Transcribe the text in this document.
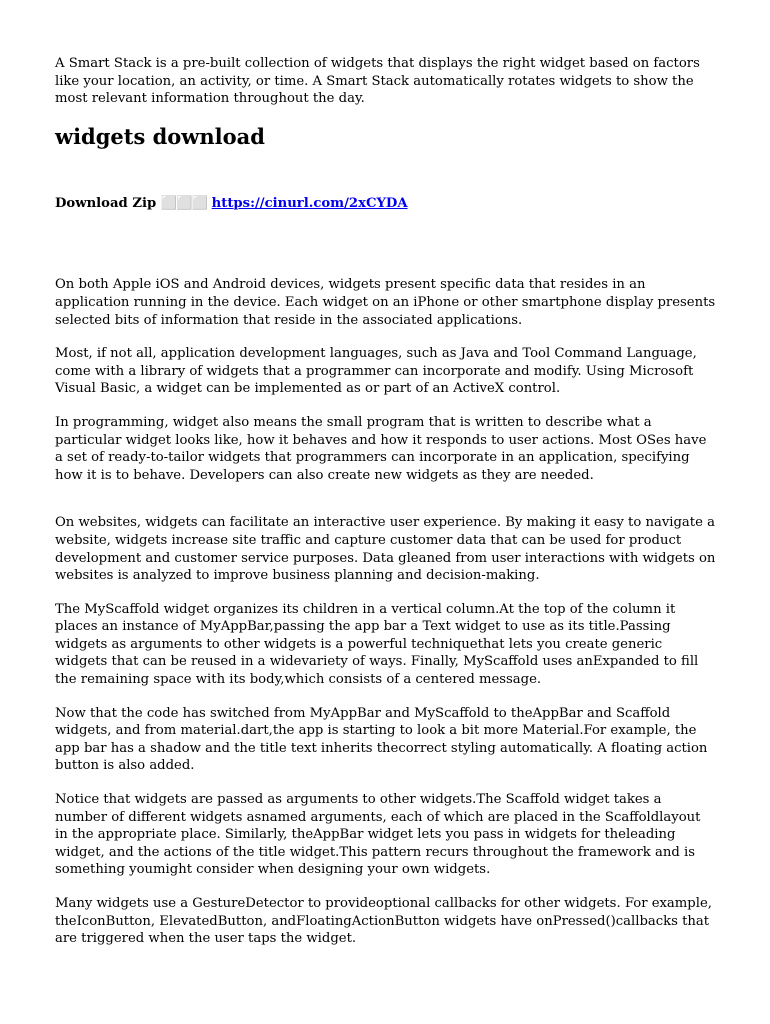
A Smart Stack is a pre-built collection of widgets that displays the right widget based on factors like your location, an activity, or time. A Smart Stack automatically rotates widgets to show the most relevant information throughout the day.

widgets download

Download Zip ⬜⬜⬜ https://cinurl.com/2xCYDA

On both Apple iOS and Android devices, widgets present specific data that resides in an application running in the device. Each widget on an iPhone or other smartphone display presents selected bits of information that reside in the associated applications.

Most, if not all, application development languages, such as Java and Tool Command Language, come with a library of widgets that a programmer can incorporate and modify. Using Microsoft Visual Basic, a widget can be implemented as or part of an ActiveX control.

In programming, widget also means the small program that is written to describe what a particular widget looks like, how it behaves and how it responds to user actions. Most OSes have a set of ready-to-tailor widgets that programmers can incorporate in an application, specifying how it is to behave. Developers can also create new widgets as they are needed.

On websites, widgets can facilitate an interactive user experience. By making it easy to navigate a website, widgets increase site traffic and capture customer data that can be used for product development and customer service purposes. Data gleaned from user interactions with widgets on websites is analyzed to improve business planning and decision-making.

The MyScaffold widget organizes its children in a vertical column.At the top of the column it places an instance of MyAppBar,passing the app bar a Text widget to use as its title.Passing widgets as arguments to other widgets is a powerful techniquethat lets you create generic widgets that can be reused in a widevariety of ways. Finally, MyScaffold uses anExpanded to fill the remaining space with its body,which consists of a centered message.

Now that the code has switched from MyAppBar and MyScaffold to theAppBar and Scaffold widgets, and from material.dart,the app is starting to look a bit more Material.For example, the app bar has a shadow and the title text inherits thecorrect styling automatically. A floating action button is also added.

Notice that widgets are passed as arguments to other widgets.The Scaffold widget takes a number of different widgets asnamed arguments, each of which are placed in the Scaffoldlayout in the appropriate place. Similarly, theAppBar widget lets you pass in widgets for theleading widget, and the actions of the title widget.This pattern recurs throughout the framework and is something youmight consider when designing your own widgets.

Many widgets use a GestureDetector to provideoptional callbacks for other widgets. For example, theIconButton, ElevatedButton, andFloatingActionButton widgets have onPressed()callbacks that are triggered when the user taps the widget.
